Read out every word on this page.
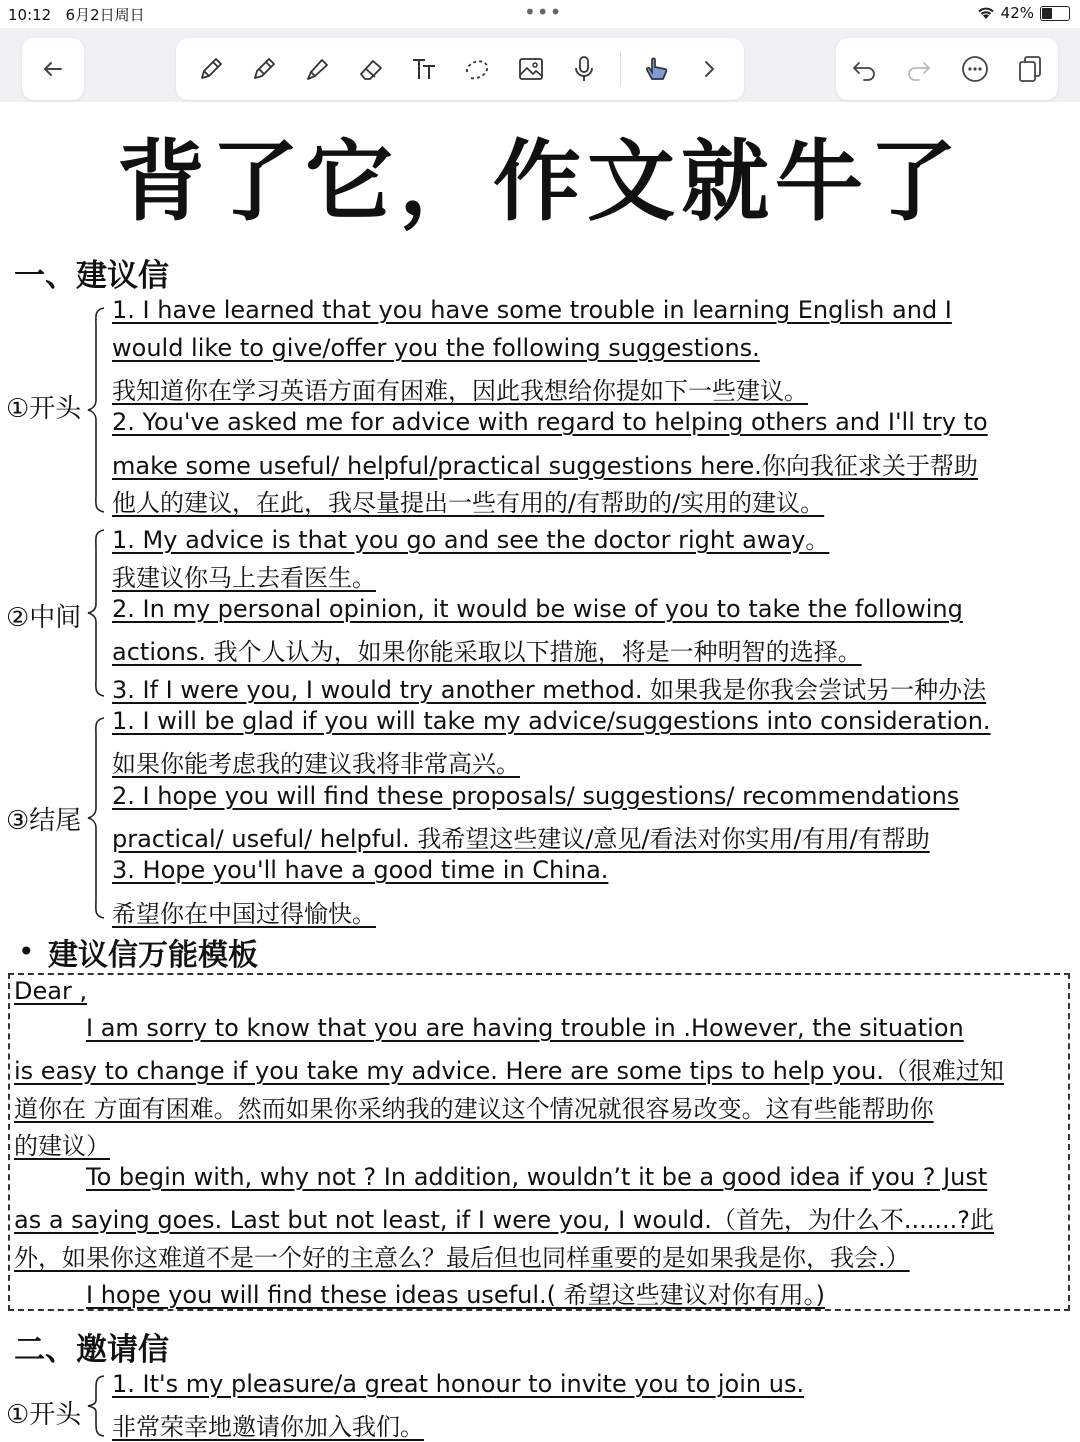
10:12 6月2日周日	•••	42%
背了它，作文就牛了
一、建议信
①开头
1. I have learned that you have some trouble in learning English and I
would like to give/offer you the following suggestions.
我知道你在学习英语方面有困难，因此我想给你提如下一些建议。
2. You've asked me for advice with regard to helping others and I'll try to
make some useful/ helpful/practical suggestions here.你向我征求关于帮助
他人的建议，在此，我尽量提出一些有用的/有帮助的/实用的建议。
②中间
1. My advice is that you go and see the doctor right away。
我建议你马上去看医生。
2. In my personal opinion, it would be wise of you to take the following
actions. 我个人认为，如果你能采取以下措施，将是一种明智的选择。
3. If I were you, I would try another method. 如果我是你我会尝试另一种办法
③结尾
1. I will be glad if you will take my advice/suggestions into consideration.
如果你能考虑我的建议我将非常高兴。
2. I hope you will find these proposals/ suggestions/ recommendations
practical/ useful/ helpful. 我希望这些建议/意见/看法对你实用/有用/有帮助
3. Hope you'll have a good time in China.
希望你在中国过得愉快。
• 建议信万能模板
Dear ,
I am sorry to know that you are having trouble in .However, the situation
is easy to change if you take my advice. Here are some tips to help you.（很难过知
道你在 方面有困难。然而如果你采纳我的建议这个情况就很容易改变。这有些能帮助你
的建议）
To begin with, why not ? In addition, wouldn’t it be a good idea if you ? Just
as a saying goes. Last but not least, if I were you, I would.（首先，为什么不.......?此
外，如果你这难道不是一个好的主意么？最后但也同样重要的是如果我是你，我会.）
I hope you will find these ideas useful.( 希望这些建议对你有用。)
二、邀请信
①开头
1. It's my pleasure/a great honour to invite you to join us.
非常荣幸地邀请你加入我们。
